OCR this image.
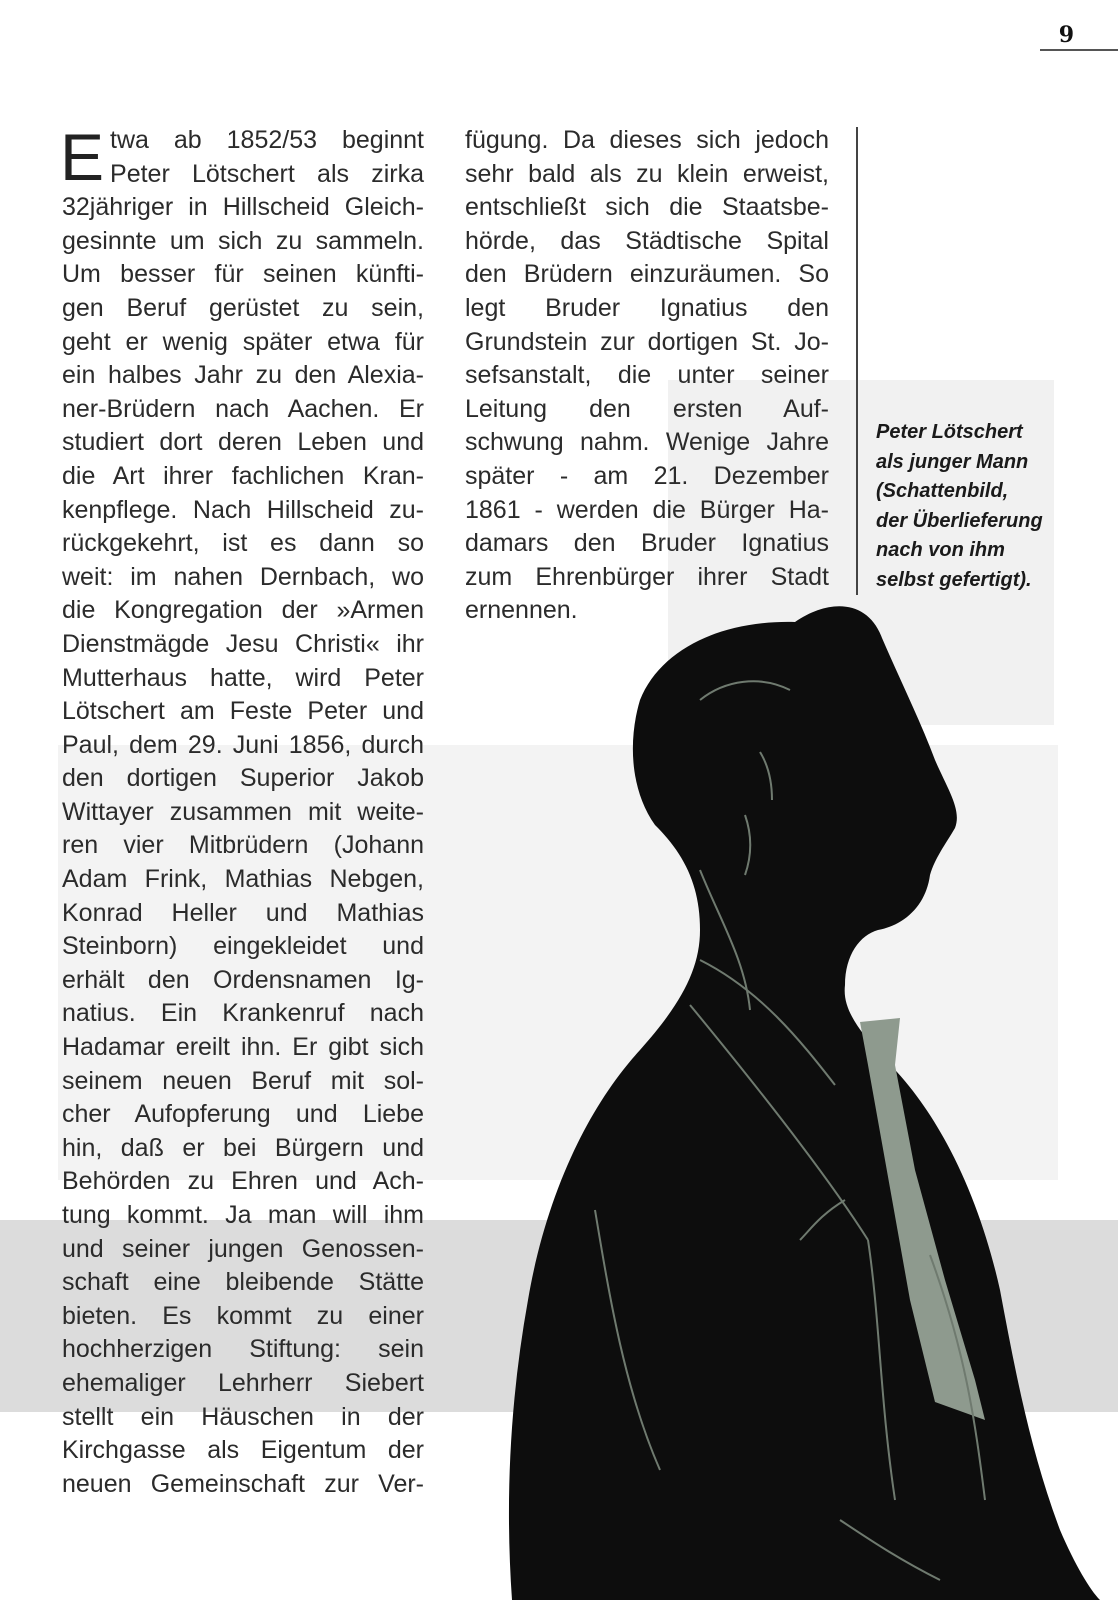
9
E twa ab 1852/53 beginnt
Peter Lötschert als zirka
32jähriger in Hillscheid Gleich-
gesinnte um sich zu sammeln.
Um besser für seinen künfti-
gen Beruf gerüstet zu sein,
geht er wenig später etwa für
ein halbes Jahr zu den Alexia-
ner-Brüdern nach Aachen. Er
studiert dort deren Leben und
die Art ihrer fachlichen Kran-
kenpflege. Nach Hillscheid zu-
rückgekehrt, ist es dann so
weit: im nahen Dernbach, wo
die Kongregation der »Armen
Dienstmägde Jesu Christi« ihr
Mutterhaus hatte, wird Peter
Lötschert am Feste Peter und
Paul, dem 29. Juni 1856, durch
den dortigen Superior Jakob
Wittayer zusammen mit weite-
ren vier Mitbrüdern (Johann
Adam Frink, Mathias Nebgen,
Konrad Heller und Mathias
Steinborn) eingekleidet und
erhält den Ordensnamen Ig-
natius. Ein Krankenruf nach
Hadamar ereilt ihn. Er gibt sich
seinem neuen Beruf mit sol-
cher Aufopferung und Liebe
hin, daß er bei Bürgern und
Behörden zu Ehren und Ach-
tung kommt. Ja man will ihm
und seiner jungen Genossen-
schaft eine bleibende Stätte
bieten. Es kommt zu einer
hochherzigen Stiftung: sein
ehemaliger Lehrherr Siebert
stellt ein Häuschen in der
Kirchgasse als Eigentum der
neuen Gemeinschaft zur Ver-
fügung. Da dieses sich jedoch
sehr bald als zu klein erweist,
entschließt sich die Staatsbe-
hörde, das Städtische Spital
den Brüdern einzuräumen. So
legt Bruder Ignatius den
Grundstein zur dortigen St. Jo-
sefsanstalt, die unter seiner
Leitung den ersten Auf-
schwung nahm. Wenige Jahre
später - am 21. Dezember
1861 - werden die Bürger Ha-
damars den Bruder Ignatius
zum Ehrenbürger ihrer Stadt
ernennen.
Peter Lötschert
als junger Mann
(Schattenbild,
der Überlieferung
nach von ihm
selbst gefertigt).
